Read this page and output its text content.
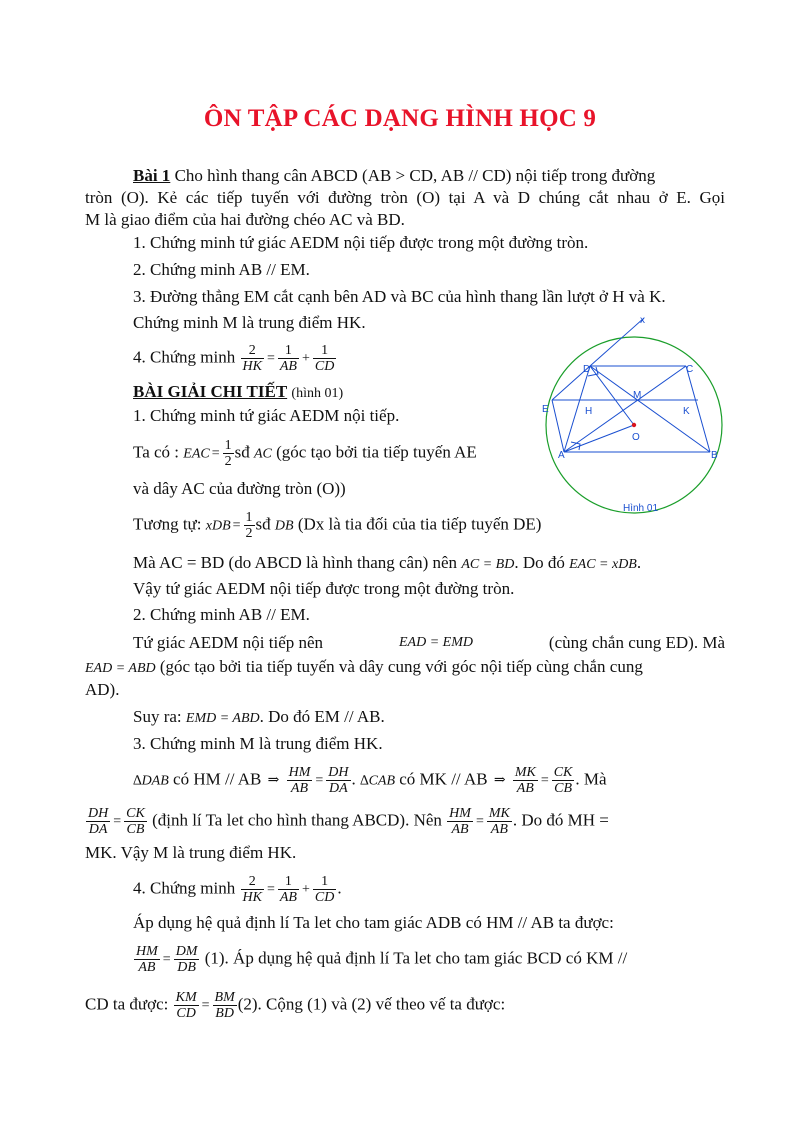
ÔN TẬP CÁC DẠNG HÌNH HỌC 9
Bài 1 Cho hình thang cân ABCD (AB > CD, AB // CD) nội tiếp trong đường
tròn (O). Kẻ các tiếp tuyến với đường tròn (O) tại A và D chúng cắt nhau ở E. Gọi
M là giao điểm của hai đường chéo AC và BD.
1. Chứng minh tứ giác AEDM nội tiếp được trong một đường tròn.
2. Chứng minh AB // EM.
3. Đường thẳng EM cắt cạnh bên AD và BC của hình thang lần lượt ở H và K.
Chứng minh M là trung điểm HK.
4. Chứng minh $\frac{2}{HK} = \frac{1}{AB} + \frac{1}{CD}$
BÀI GIẢI CHI TIẾT (hình 01)
1. Chứng minh tứ giác AEDM nội tiếp.
Ta có : EAC = $\frac{1}{2}$ sđ AC (góc tạo bởi tia tiếp tuyến AE
và dây AC của đường tròn (O))
Tương tự: xDB = $\frac{1}{2}$ sđ DB (Dx là tia đối của tia tiếp tuyến DE)
Mà AC = BD (do ABCD là hình thang cân) nên AC = BD. Do đó EAC = xDB.
Vậy tứ giác AEDM nội tiếp được trong một đường tròn.
2. Chứng minh AB // EM.
Tứ giác AEDM nội tiếp nên	EAD = EMD	(cùng chắn cung ED). Mà
EAD = ABD (góc tạo bởi tia tiếp tuyến và dây cung với góc nội tiếp cùng chắn cung
AD).
Suy ra: EMD = ABD. Do đó EM // AB.
3. Chứng minh M là trung điểm HK.
∆DAB có HM // AB ⇒ $\frac{HM}{AB} = \frac{DH}{DA}$ . ∆CAB có MK // AB ⇒ $\frac{MK}{AB} = \frac{CK}{CB}$ . Mà
$\frac{DH}{DA} = \frac{CK}{CB}$ (định lí Ta let cho hình thang ABCD). Nên $\frac{HM}{AB} = \frac{MK}{AB}$ . Do đó MH =
MK. Vậy M là trung điểm HK.
4. Chứng minh $\frac{2}{HK} = \frac{1}{AB} + \frac{1}{CD}$ .
Áp dụng hệ quả định lí Ta let cho tam giác ADB có HM // AB ta được:
$\frac{HM}{AB} = \frac{DM}{DB} (1)$. Áp dụng hệ quả định lí Ta let cho tam giác BCD có KM //
CD ta được: $\frac{KM}{CD} = \frac{BM}{BD} (2)$. Cộng (1) và (2) vế theo vế ta được:
x
D	C
M
E	H	K
O
A	B
Hình 01
